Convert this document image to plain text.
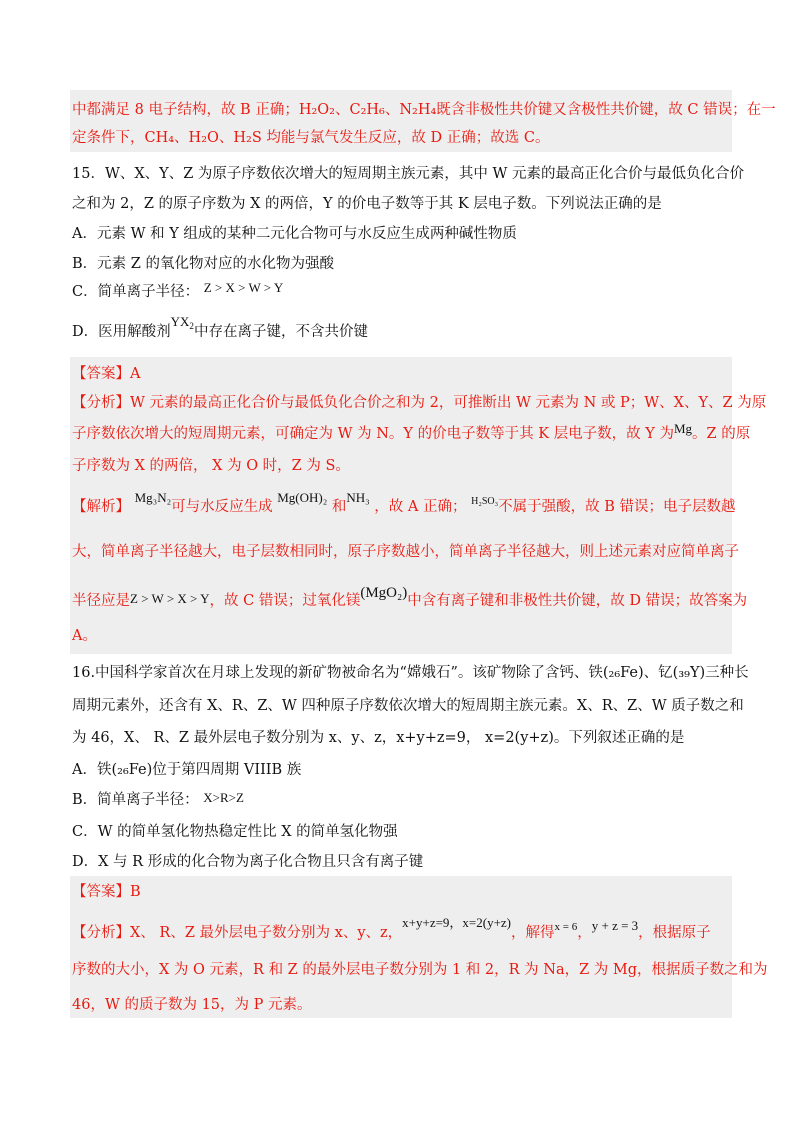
中都满足 8 电子结构，故 B 正确；H₂O₂、C₂H₆、N₂H₄既含非极性共价键又含极性共价键，故 C 错误；在一
定条件下，CH₄、H₂O、H₂S 均能与氯气发生反应，故 D 正确；故选 C。
15．W、X、Y、Z 为原子序数依次增大的短周期主族元素，其中 W 元素的最高正化合价与最低负化合价
之和为 2，Z 的原子序数为 X 的两倍，Y 的价电子数等于其 K 层电子数。下列说法正确的是
A．元素 W 和 Y 组成的某种二元化合物可与水反应生成两种碱性物质
B．元素 Z 的氧化物对应的水化物为强酸
C．简单离子半径： Z > X > W > Y
D．医用解酸剂$YX_2$中存在离子键，不含共价键
【答案】A
【分析】W 元素的最高正化合价与最低负化合价之和为 2，可推断出 W 元素为 N 或 P；W、X、Y、Z 为原
子序数依次增大的短周期元素，可确定为 W 为 N。Y 的价电子数等于其 K 层电子数，故 Y 为Mg。Z 的原
子序数为 X 的两倍， X 为 O 时，Z 为 S。
【解析】 Mg₃N₂可与水反应生成 Mg(OH)₂ 和NH₃ ，故 A 正确； $^{H_2SO_3}$不属于强酸，故 B 错误；电子层数越
大，简单离子半径越大，电子层数相同时，原子序数越小，简单离子半径越大，则上述元素对应简单离子
半径应是Z > W > X > Y，故 C 错误；过氧化镁(MgO₂)中含有离子键和非极性共价键，故 D 错误；故答案为
A。
16.中国科学家首次在月球上发现的新矿物被命名为“嫦娥石”。该矿物除了含钙、铁(₂₆Fe)、钇(₃₉Y)三种长
周期元素外，还含有 X、R、Z、W 四种原子序数依次增大的短周期主族元素。X、R、Z、W 质子数之和
为 46，X、 R、Z 最外层电子数分别为 x、y、z，x+y+z=9， x=2(y+z)。下列叙述正确的是
A．铁(₂₆Fe)位于第四周期 VIIIB 族
B．简单离子半径： X>R>Z
C．W 的简单氢化物热稳定性比 X 的简单氢化物强
D．X 与 R 形成的化合物为离子化合物且只含有离子键
【答案】B
【分析】X、 R、Z 最外层电子数分别为 x、y、z，x+y+z=9，x=2(y+z)，解得$^{x = 6}$，y + z = 3，根据原子
序数的大小，X 为 O 元素，R 和 Z 的最外层电子数分别为 1 和 2，R 为 Na，Z 为 Mg，根据质子数之和为
46，W 的质子数为 15，为 P 元素。
